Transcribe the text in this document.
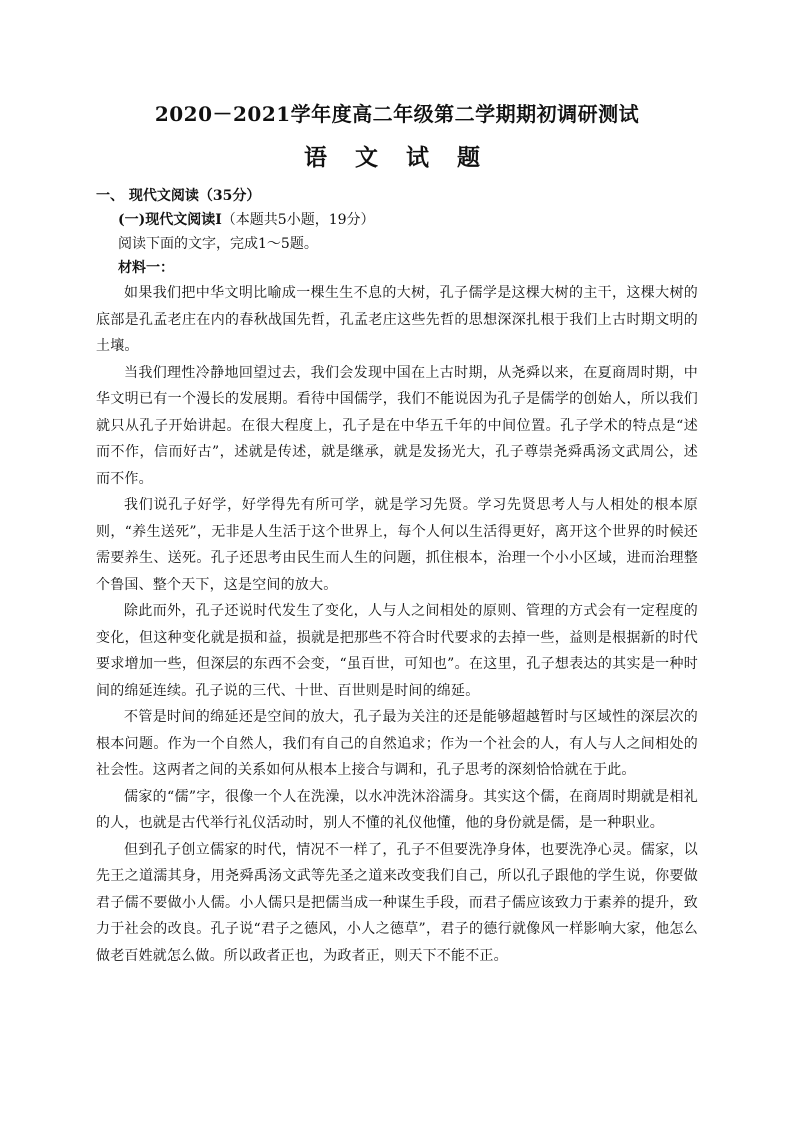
2020－2021学年度高二年级第二学期期初调研测试
语 文 试 题

一、 现代文阅读（35分）

(一)现代文阅读Ⅰ（本题共5小题，19分）

阅读下面的文字，完成1～5题。

材料一：

如果我们把中华文明比喻成一棵生生不息的大树，孔子儒学是这棵大树的主干，这棵大树的底部是孔孟老庄在内的春秋战国先哲，孔孟老庄这些先哲的思想深深扎根于我们上古时期文明的土壤。

当我们理性冷静地回望过去，我们会发现中国在上古时期，从尧舜以来，在夏商周时期，中华文明已有一个漫长的发展期。看待中国儒学，我们不能说因为孔子是儒学的创始人，所以我们就只从孔子开始讲起。在很大程度上，孔子是在中华五千年的中间位置。孔子学术的特点是“述而不作，信而好古”，述就是传述，就是继承，就是发扬光大，孔子尊崇尧舜禹汤文武周公，述而不作。

我们说孔子好学，好学得先有所可学，就是学习先贤。学习先贤思考人与人相处的根本原则，“养生送死”，无非是人生活于这个世界上，每个人何以生活得更好，离开这个世界的时候还需要养生、送死。孔子还思考由民生而人生的问题，抓住根本，治理一个小小区域，进而治理整个鲁国、整个天下，这是空间的放大。

除此而外，孔子还说时代发生了变化，人与人之间相处的原则、管理的方式会有一定程度的变化，但这种变化就是损和益，损就是把那些不符合时代要求的去掉一些，益则是根据新的时代要求增加一些，但深层的东西不会变，“虽百世，可知也”。在这里，孔子想表达的其实是一种时间的绵延连续。孔子说的三代、十世、百世则是时间的绵延。

不管是时间的绵延还是空间的放大，孔子最为关注的还是能够超越暂时与区域性的深层次的根本问题。作为一个自然人，我们有自己的自然追求；作为一个社会的人，有人与人之间相处的社会性。这两者之间的关系如何从根本上接合与调和，孔子思考的深刻恰恰就在于此。

儒家的“儒”字，很像一个人在洗澡，以水冲洗沐浴濡身。其实这个儒，在商周时期就是相礼的人，也就是古代举行礼仪活动时，别人不懂的礼仪他懂，他的身份就是儒，是一种职业。

但到孔子创立儒家的时代，情况不一样了，孔子不但要洗净身体，也要洗净心灵。儒家，以先王之道濡其身，用尧舜禹汤文武等先圣之道来改变我们自己，所以孔子跟他的学生说，你要做君子儒不要做小人儒。小人儒只是把儒当成一种谋生手段，而君子儒应该致力于素养的提升，致力于社会的改良。孔子说“君子之德风，小人之德草”，君子的德行就像风一样影响大家，他怎么做老百姓就怎么做。所以政者正也，为政者正，则天下不能不正。
